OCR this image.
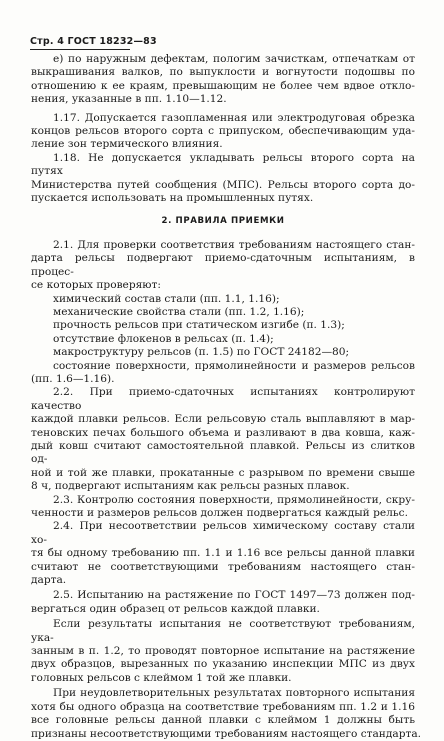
Стр. 4 ГОСТ 18232—83
е) по наружным дефектам, пологим зачисткам, отпечаткам от
выкрашивания валков, по выпуклости и вогнутости подошвы по
отношению к ее краям, превышающим не более чем вдвое откло-
нения, указанные в пп. 1.10—1.12.
1.17. Допускается газопламенная или электродуговая обрезка
концов рельсов второго сорта с припуском, обеспечивающим уда-
ление зон термического влияния.
1.18. Не допускается укладывать рельсы второго сорта на путях
Министерства путей сообщения (МПС). Рельсы второго сорта до-
пускается использовать на промышленных путях.
2. ПРАВИЛА ПРИЕМКИ
2.1. Для проверки соответствия требованиям настоящего стан-
дарта рельсы подвергают приемо-сдаточным испытаниям, в процес-
се которых проверяют:
химический состав стали (пп. 1.1, 1.16);
механические свойства стали (пп. 1.2, 1.16);
прочность рельсов при статическом изгибе (п. 1.3);
отсутствие флокенов в рельсах (п. 1.4);
макроструктуру рельсов (п. 1.5) по ГОСТ 24182—80;
состояние поверхности, прямолинейности и размеров рельсов
(пп. 1.6—1.16).
2.2. При приемо-сдаточных испытаниях контролируют качество
каждой плавки рельсов. Если рельсовую сталь выплавляют в мар-
теновских печах большого объема и разливают в два ковша, каж-
дый ковш считают самостоятельной плавкой. Рельсы из слитков од-
ной и той же плавки, прокатанные с разрывом по времени свыше
8 ч, подвергают испытаниям как рельсы разных плавок.
2.3. Контролю состояния поверхности, прямолинейности, скру-
ченности и размеров рельсов должен подвергаться каждый рельс.
2.4. При несоответствии рельсов химическому составу стали хо-
тя бы одному требованию пп. 1.1 и 1.16 все рельсы данной плавки
считают не соответствующими требованиям настоящего стан-
дарта.
2.5. Испытанию на растяжение по ГОСТ 1497—73 должен под-
вергаться один образец от рельсов каждой плавки.
Если результаты испытания не соответствуют требованиям, ука-
занным в п. 1.2, то проводят повторное испытание на растяжение
двух образцов, вырезанных по указанию инспекции МПС из двух
головных рельсов с клеймом 1 той же плавки.
При неудовлетворительных результатах повторного испытания
хотя бы одного образца на соответствие требованиям пп. 1.2 и 1.16
все головные рельсы данной плавки с клеймом 1 должны быть
признаны несоответствующими требованиям настоящего стандарта.
